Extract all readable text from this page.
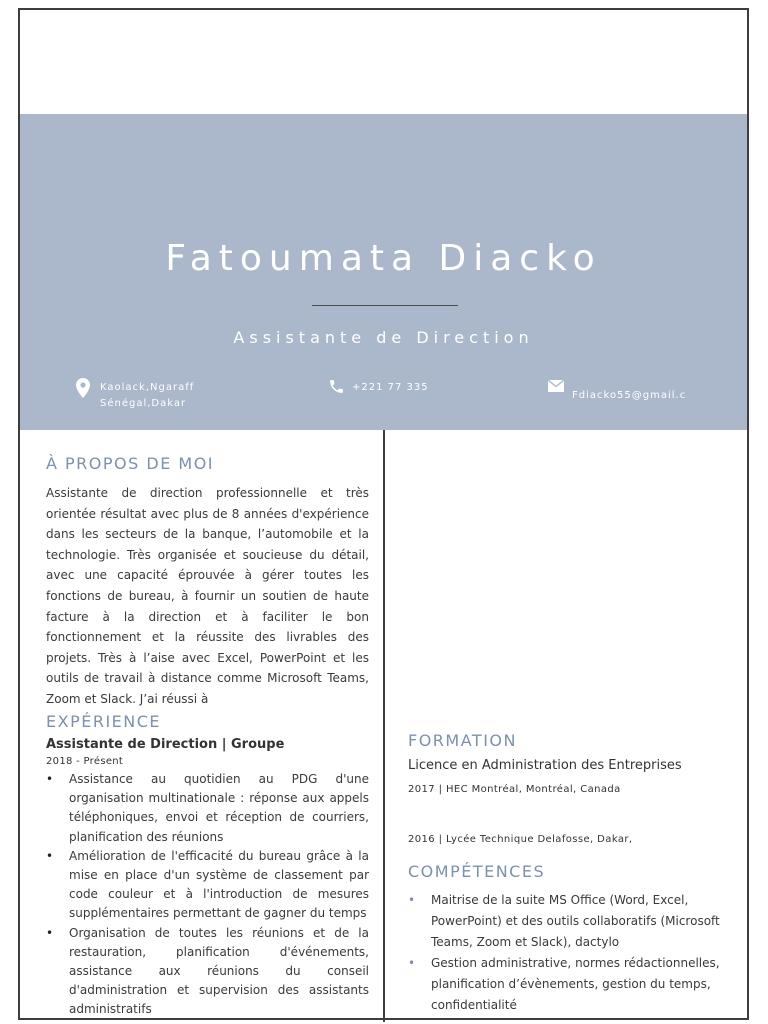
Fatoumata Diacko
Assistante de Direction
Kaolack,Ngaraff
Sénégal,Dakar
+221 77 335
Fdiacko55@gmail.c
À PROPOS DE MOI
Assistante de direction professionnelle et très orientée résultat avec plus de 8 années d'expérience dans les secteurs de la banque, l’automobile et la technologie. Très organisée et soucieuse du détail, avec une capacité éprouvée à gérer toutes les fonctions de bureau, à fournir un soutien de haute facture à la direction et à faciliter le bon fonctionnement et la réussite des livrables des projets. Très à l’aise avec Excel, PowerPoint et les outils de travail à distance comme Microsoft Teams, Zoom et Slack. J’ai réussi à
EXPÉRIENCE
Assistante de Direction | Groupe
2018 - Présent
• Assistance au quotidien au PDG d'une organisation multinationale : réponse aux appels téléphoniques, envoi et réception de courriers, planification des réunions
• Amélioration de l'efficacité du bureau grâce à la mise en place d'un système de classement par code couleur et à l'introduction de mesures supplémentaires permettant de gagner du temps
• Organisation de toutes les réunions et de la restauration, planification d'événements, assistance aux réunions du conseil d'administration et supervision des assistants administratifs
FORMATION
Licence en Administration des Entreprises
2017 | HEC Montréal, Montréal, Canada
2016 | Lycée Technique Delafosse, Dakar,
COMPÉTENCES
• Maitrise de la suite MS Office (Word, Excel, PowerPoint) et des outils collaboratifs (Microsoft Teams, Zoom et Slack), dactylo
• Gestion administrative, normes rédactionnelles, planification d’évènements, gestion du temps, confidentialité
